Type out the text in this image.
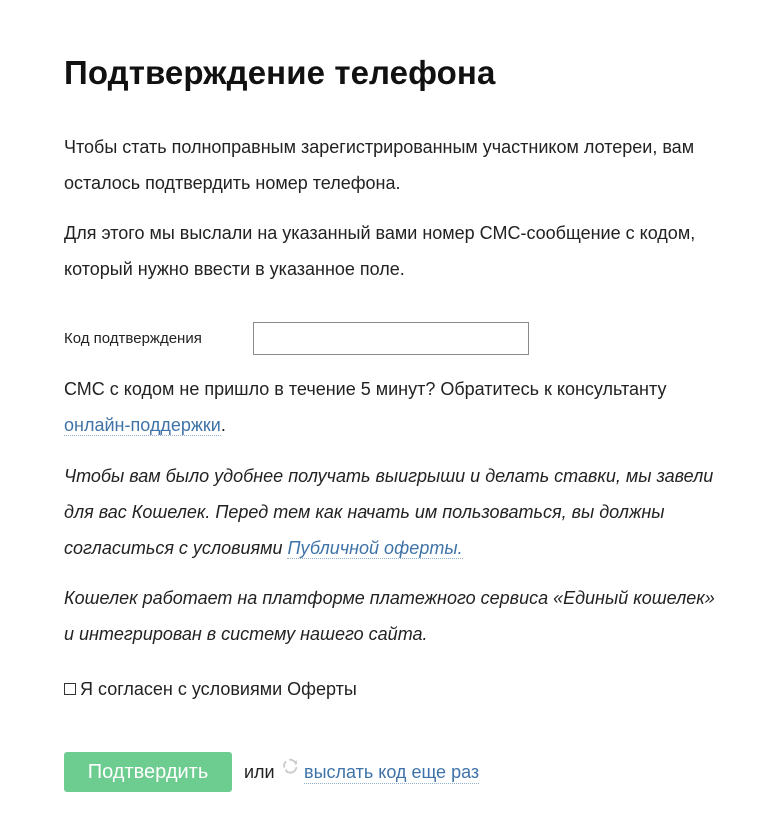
Подтверждение телефона

Чтобы стать полноправным зарегистрированным участником лотереи, вам осталось подтвердить номер телефона.

Для этого мы выслали на указанный вами номер СМС-сообщение с кодом, который нужно ввести в указанное поле.

Код подтверждения

СМС с кодом не пришло в течение 5 минут? Обратитесь к консультанту онлайн-поддержки.

Чтобы вам было удобнее получать выигрыши и делать ставки, мы завели для вас Кошелек. Перед тем как начать им пользоваться, вы должны согласиться с условиями Публичной оферты.

Кошелек работает на платформе платежного сервиса «Единый кошелек»
и интегрирован в систему нашего сайта.

Я согласен с условиями Оферты
Подтвердить	или выслать код еще раз
